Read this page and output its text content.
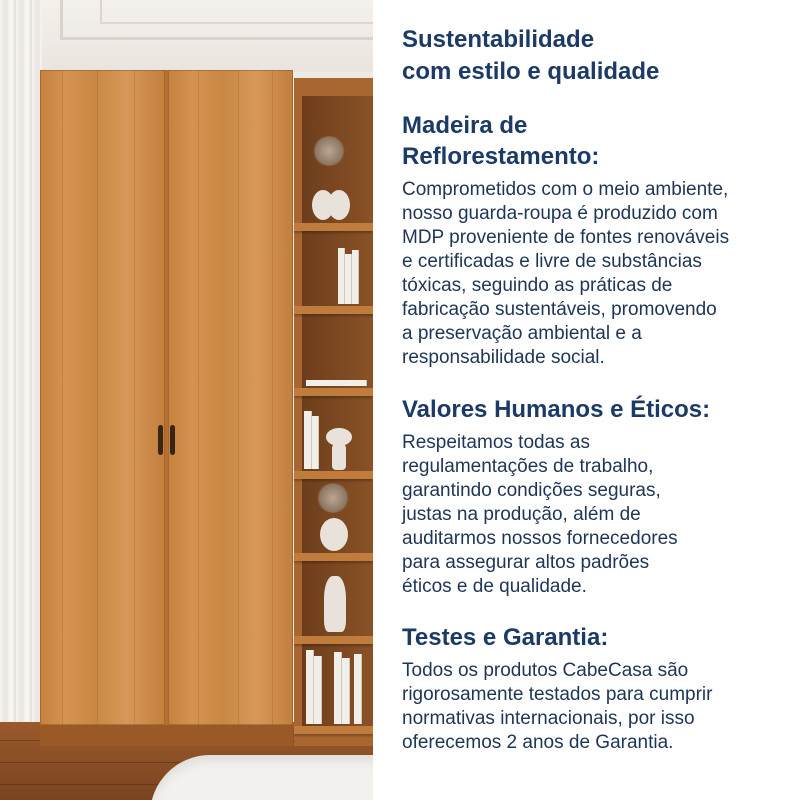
Sustentabilidade

com estilo e qualidade

Madeira de

Reflorestamento:

Comprometidos com o meio ambiente,

nosso guarda-roupa é produzido com

MDP proveniente de fontes renováveis

e certificadas e livre de substâncias

tóxicas, seguindo as práticas de

fabricação sustentáveis, promovendo

a preservação ambiental e a

responsabilidade social.

Valores Humanos e Éticos:

Respeitamos todas as

regulamentações de trabalho,

garantindo condições seguras,

justas na produção, além de

auditarmos nossos fornecedores

para assegurar altos padrões

éticos e de qualidade.

Testes e Garantia:

Todos os produtos CabeCasa são

rigorosamente testados para cumprir

normativas internacionais, por isso

oferecemos 2 anos de Garantia.
